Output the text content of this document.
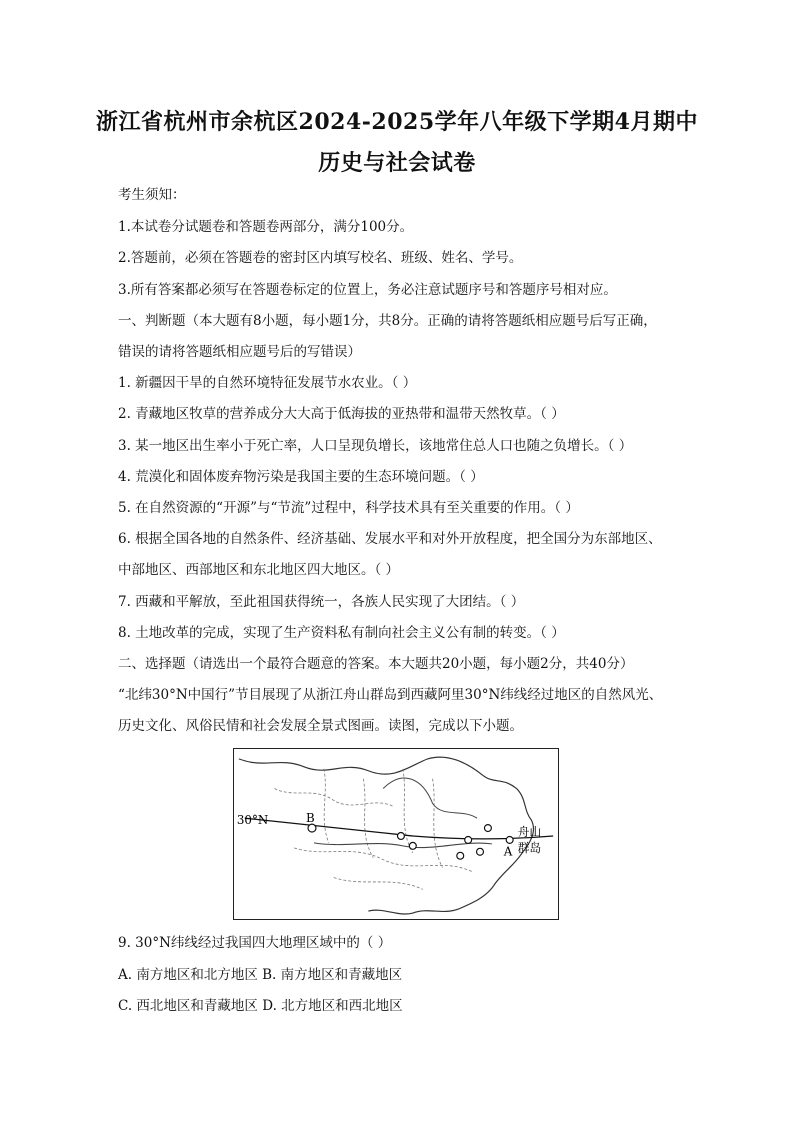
浙江省杭州市余杭区2024-2025学年八年级下学期4月期中
历史与社会试卷
考生须知：
1.本试卷分试题卷和答题卷两部分，满分100分。
2.答题前，必须在答题卷的密封区内填写校名、班级、姓名、学号。
3.所有答案都必须写在答题卷标定的位置上，务必注意试题序号和答题序号相对应。
一、判断题（本大题有8小题，每小题1分，共8分。正确的请将答题纸相应题号后写正确，
错误的请将答题纸相应题号后的写错误）
1. 新疆因干旱的自然环境特征发展节水农业。（ ）
2. 青藏地区牧草的营养成分大大高于低海拔的亚热带和温带天然牧草。（ ）
3. 某一地区出生率小于死亡率，人口呈现负增长，该地常住总人口也随之负增长。（ ）
4. 荒漠化和固体废弃物污染是我国主要的生态环境问题。（ ）
5. 在自然资源的“开源”与“节流”过程中，科学技术具有至关重要的作用。（ ）
6. 根据全国各地的自然条件、经济基础、发展水平和对外开放程度，把全国分为东部地区、
中部地区、西部地区和东北地区四大地区。（ ）
7. 西藏和平解放，至此祖国获得统一，各族人民实现了大团结。（ ）
8. 土地改革的完成，实现了生产资料私有制向社会主义公有制的转变。（ ）
二、选择题（请选出一个最符合题意的答案。本大题共20小题，每小题2分，共40分）
“北纬30°N中国行”节目展现了从浙江舟山群岛到西藏阿里30°N纬线经过地区的自然风光、
历史文化、风俗民情和社会发展全景式图画。读图，完成以下小题。
30°N	B
A
舟山
群岛
9. 30°N纬线经过我国四大地理区域中的（ ）
A. 南方地区和北方地区 B. 南方地区和青藏地区
C. 西北地区和青藏地区 D. 北方地区和西北地区
